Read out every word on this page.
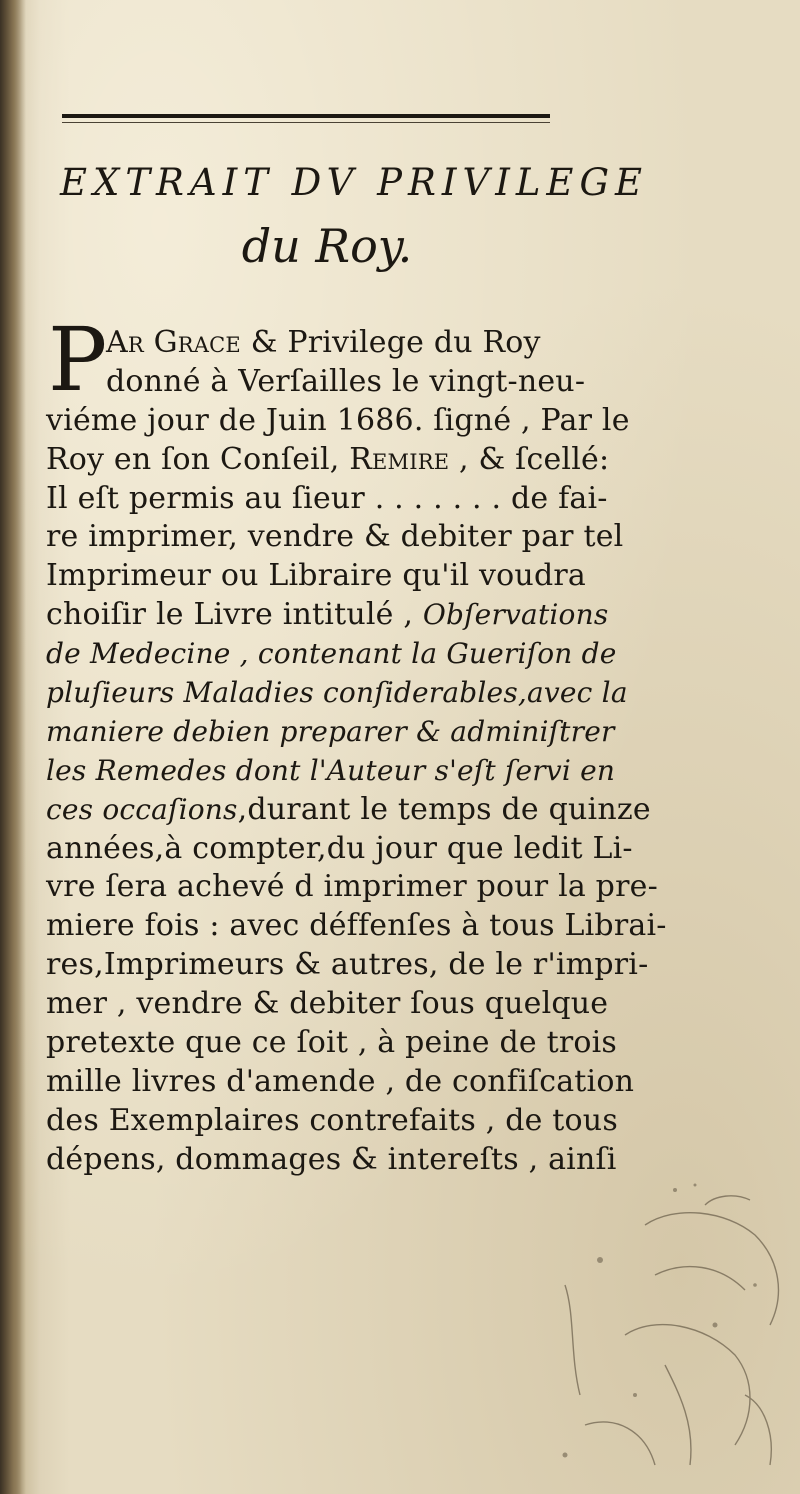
EXTRAIT DV PRIVILEGE
du Roy.
P
Ar Grace & Privilege du Roy
donné à Verſailles le vingt-neu-
viéme jour de Juin 1686. ſigné , Par le
Roy en ſon Conſeil, Remire , & ſcellé:
Il eſt permis au ſieur . . . . . . . de fai-
re imprimer, vendre & debiter par tel
Imprimeur ou Libraire qu'il voudra
choiſir le Livre intitulé , Obſervations
de Medecine , contenant la Gueriſon de
pluſieurs Maladies conſiderables,avec la
maniere debien preparer & adminiſtrer
les Remedes dont l'Auteur s'eſt ſervi en
ces occaſions,durant le temps de quinze
années,à compter,du jour que ledit Li-
vre ſera achevé d imprimer pour la pre-
miere fois : avec déffenſes à tous Librai-
res,Imprimeurs & autres, de le r'impri-
mer , vendre & debiter ſous quelque
pretexte que ce ſoit , à peine de trois
mille livres d'amende , de confiſcation
des Exemplaires contrefaits , de tous
dépens, dommages & intereſts , ainſi
